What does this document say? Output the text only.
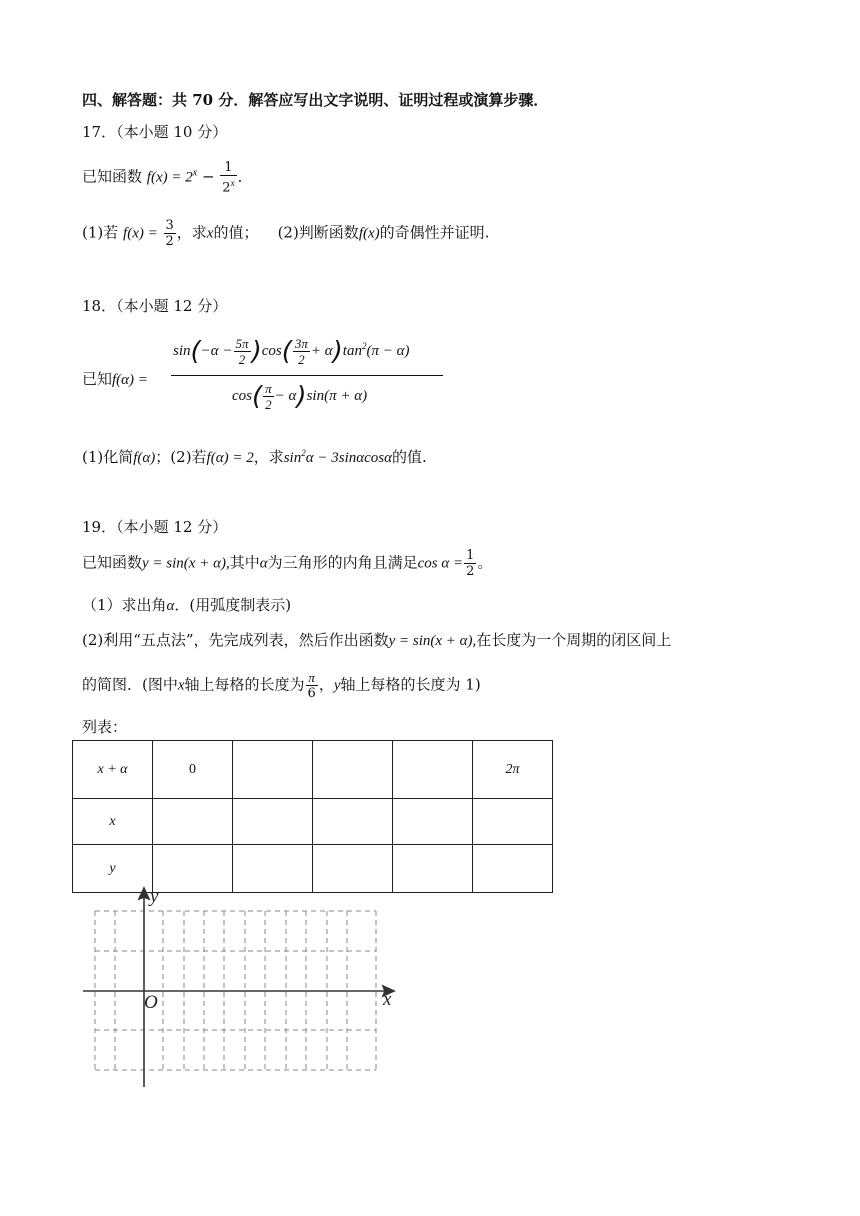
四、解答题：共 70 分．解答应写出文字说明、证明过程或演算步骤．
17．（本小题 10 分）
已知函数 $f(x) = 2^x - \frac{1}{2^x}$ ．
(1)若 $f(x) = \frac{3}{2}$ ，求x的值； (2)判断函数f(x)的奇偶性并证明.
18．（本小题 12 分）
已知f(α) =
$\sin(-\alpha - \frac{5\pi}{2} )\cos( \frac{3\pi}{2} + \alpha)\tan^2(\pi - \alpha)$
$\cos( \frac{\pi}{2} - \alpha)\sin(\pi + \alpha)$
(1)化简f(α)；(2)若f(α) = 2，求$\sin^2\alpha - 3\sin\alpha\cos\alpha$的值.
19．（本小题 12 分）
已知函数y = sin(x + α),其中α为三角形的内角且满足$\cos \alpha = \frac{1}{2}$ 。
（1）求出角α．(用弧度制表示)
(2)利用“五点法”，先完成列表，然后作出函数y = sin(x + α),在长度为一个周期的闭区间上
的简图．(图中x轴上每格的长度为 $\frac{\pi}{6}$ ，y轴上每格的长度为 1)
列表：
x + α	0				2π
x					
y					
y
x
O
